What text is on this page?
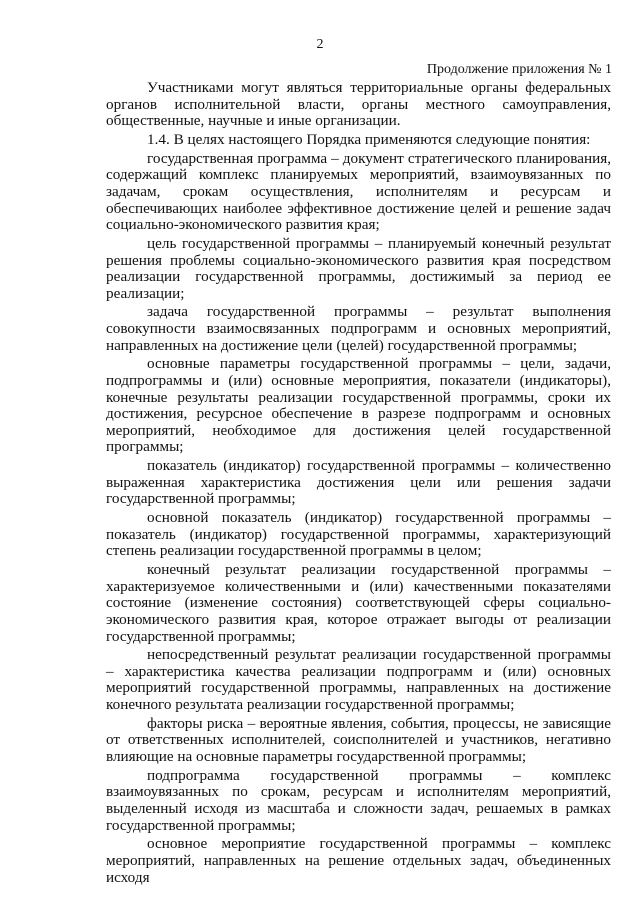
2
Продолжение приложения № 1

Участниками могут являться территориальные органы федеральных органов исполнительной власти, органы местного самоуправления, общественные, научные и иные организации.

1.4. В целях настоящего Порядка применяются следующие понятия:

государственная программа – документ стратегического планирования, содержащий комплекс планируемых мероприятий, взаимоувязанных по задачам, срокам осуществления, исполнителям и ресурсам и обеспечивающих наиболее эффективное достижение целей и решение задач социально-экономического развития края;

цель государственной программы – планируемый конечный результат решения проблемы социально-экономического развития края посредством реализации государственной программы, достижимый за период ее реализации;

задача государственной программы – результат выполнения совокупности взаимосвязанных подпрограмм и основных мероприятий, направленных на достижение цели (целей) государственной программы;

основные параметры государственной программы – цели, задачи, подпрограммы и (или) основные мероприятия, показатели (индикаторы), конечные результаты реализации государственной программы, сроки их достижения, ресурсное обеспечение в разрезе подпрограмм и основных мероприятий, необходимое для достижения целей государственной программы;

показатель (индикатор) государственной программы – количественно выраженная характеристика достижения цели или решения задачи государственной программы;

основной показатель (индикатор) государственной программы – показатель (индикатор) государственной программы, характеризующий степень реализации государственной программы в целом;

конечный результат реализации государственной программы – характеризуемое количественными и (или) качественными показателями состояние (изменение состояния) соответствующей сферы социально-экономического развития края, которое отражает выгоды от реализации государственной программы;

непосредственный результат реализации государственной программы – характеристика качества реализации подпрограмм и (или) основных мероприятий государственной программы, направленных на достижение конечного результата реализации государственной программы;

факторы риска – вероятные явления, события, процессы, не зависящие от ответственных исполнителей, соисполнителей и участников, негативно влияющие на основные параметры государственной программы;

подпрограмма государственной программы – комплекс взаимоувязанных по срокам, ресурсам и исполнителям мероприятий, выделенный исходя из масштаба и сложности задач, решаемых в рамках государственной программы;

основное мероприятие государственной программы – комплекс мероприятий, направленных на решение отдельных задач, объединенных исходя
